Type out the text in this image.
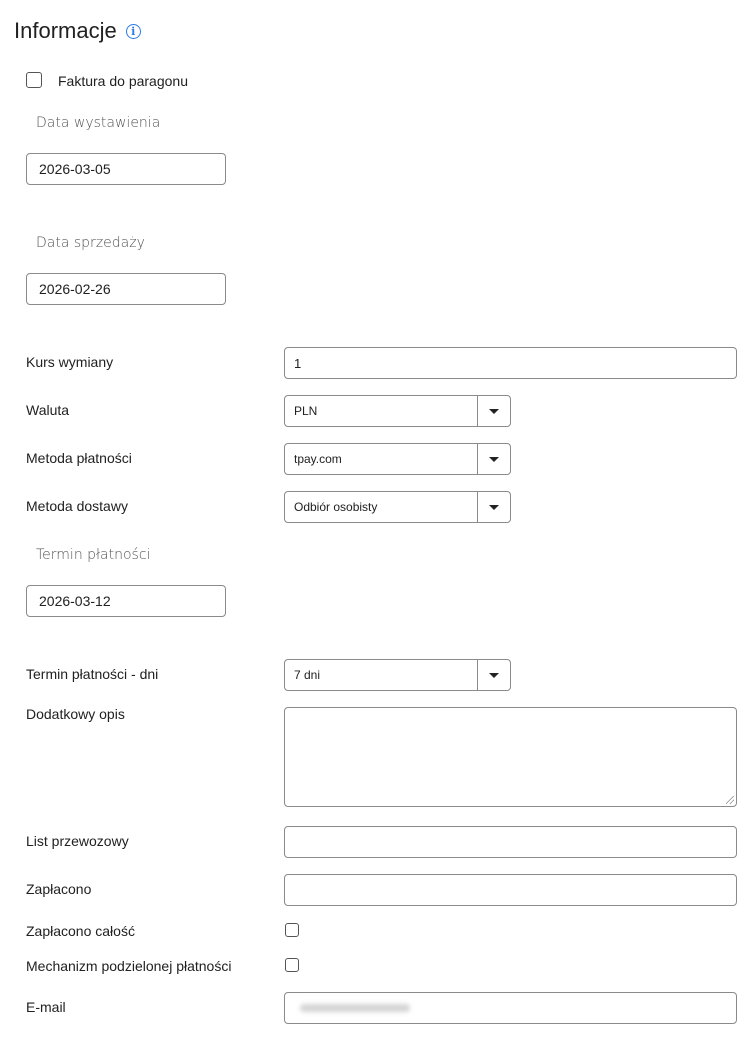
Informacje	i
Faktura do paragonu
Data wystawienia
2026-03-05
Data sprzedaży
2026-02-26
Kurs wymiany	1
Waluta	PLN
Metoda płatności	tpay.com
Metoda dostawy	Odbiór osobisty
Termin płatności
2026-03-12
Termin płatności - dni	7 dni
Dodatkowy opis
List przewozowy
Zapłacono
Zapłacono całość
Mechanizm podzielonej płatności
E-mail
